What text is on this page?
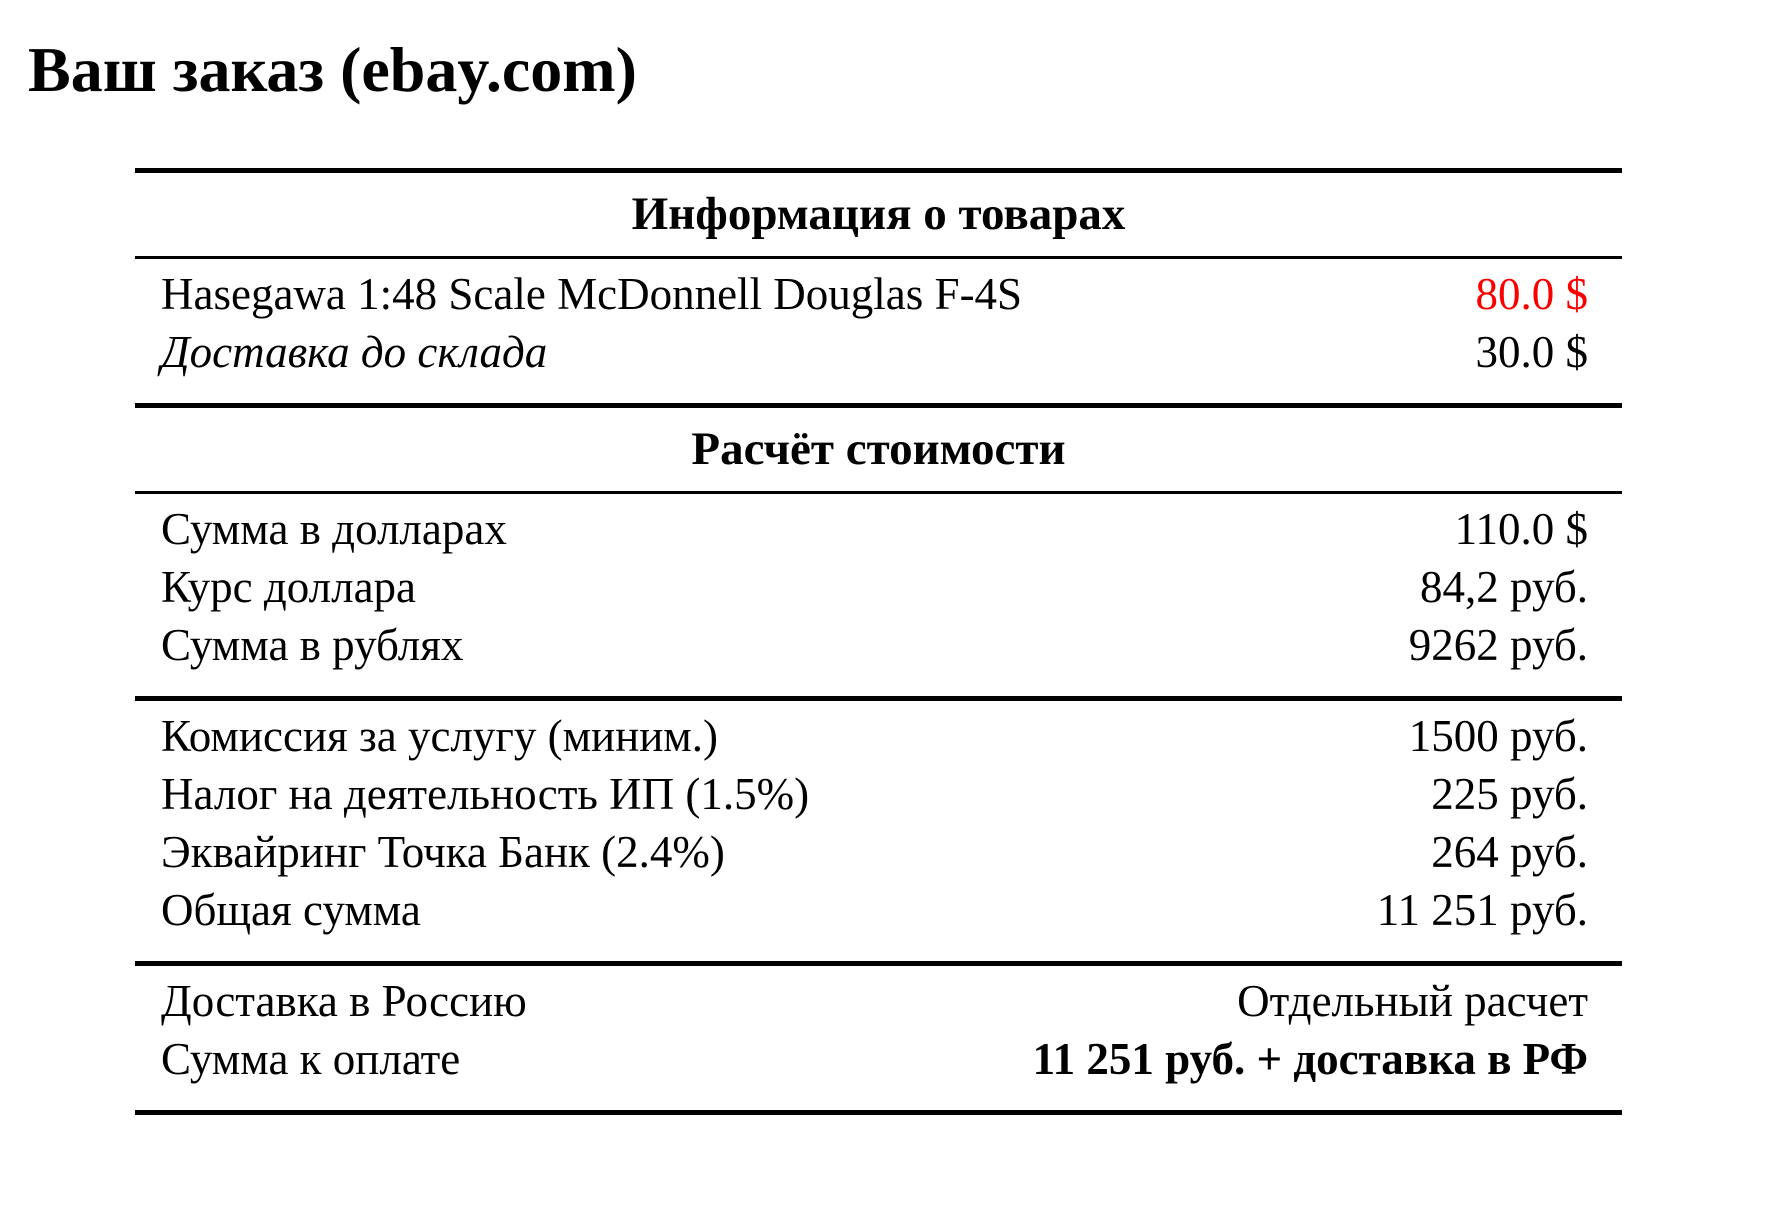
Ваш заказ (ebay.com)
Информация о товарах
Hasegawa 1:48 Scale McDonnell Douglas F-4S	80.0 $
Доставка до склада	30.0 $
Расчёт стоимости
Сумма в долларах	110.0 $
Курс доллара	84,2 руб.
Сумма в рублях	9262 руб.
Комиссия за услугу (миним.)	1500 руб.
Налог на деятельность ИП (1.5%)	225 руб.
Эквайринг Точка Банк (2.4%)	264 руб.
Общая сумма	11 251 руб.
Доставка в Россию	Отдельный расчет
Сумма к оплате	11 251 руб. + доставка в РФ
